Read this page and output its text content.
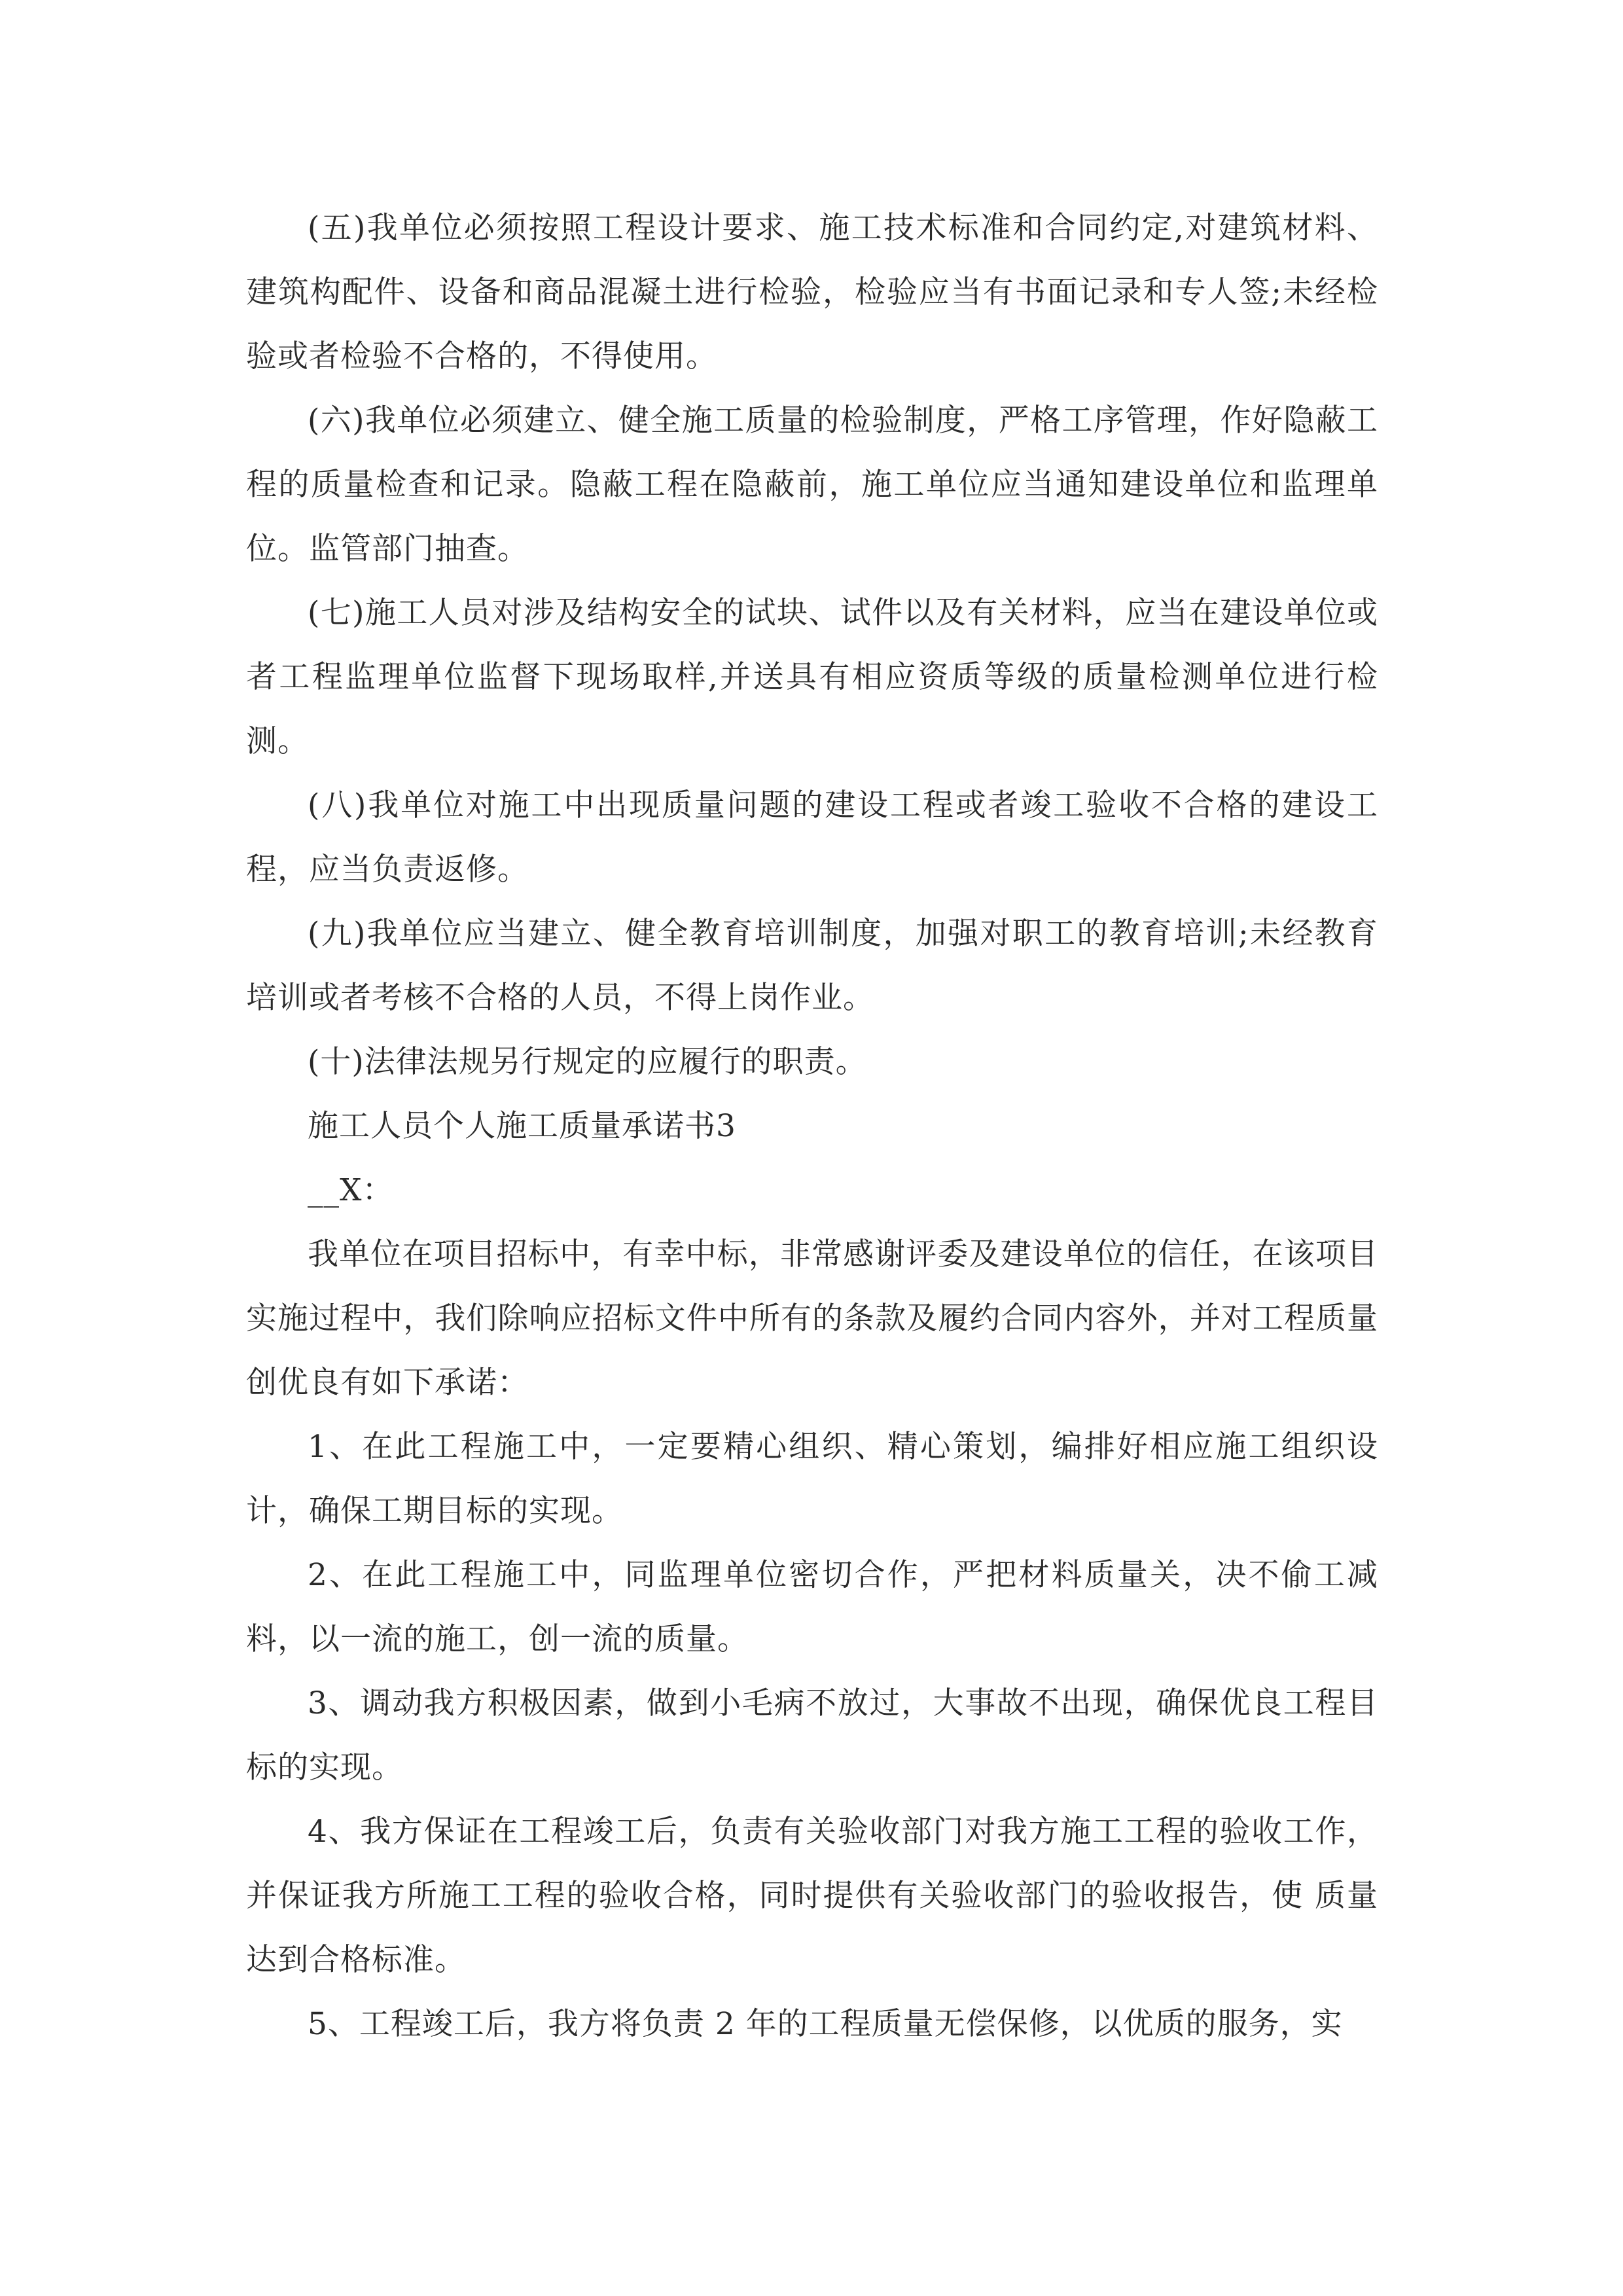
(五)我单位必须按照工程设计要求、施工技术标准和合同约定,对建筑材料、建筑构配件、设备和商品混凝土进行检验，检验应当有书面记录和专人签;未经检验或者检验不合格的，不得使用。

(六)我单位必须建立、健全施工质量的检验制度，严格工序管理，作好隐蔽工程的质量检查和记录。隐蔽工程在隐蔽前，施工单位应当通知建设单位和监理单位。监管部门抽查。

(七)施工人员对涉及结构安全的试块、试件以及有关材料，应当在建设单位或者工程监理单位监督下现场取样,并送具有相应资质等级的质量检测单位进行检测。

(八)我单位对施工中出现质量问题的建设工程或者竣工验收不合格的建设工程，应当负责返修。

(九)我单位应当建立、健全教育培训制度，加强对职工的教育培训;未经教育培训或者考核不合格的人员，不得上岗作业。

(十)法律法规另行规定的应履行的职责。

施工人员个人施工质量承诺书3

__X：

我单位在项目招标中，有幸中标，非常感谢评委及建设单位的信任，在该项目实施过程中，我们除响应招标文件中所有的条款及履约合同内容外，并对工程质量创优良有如下承诺：

1、在此工程施工中，一定要精心组织、精心策划，编排好相应施工组织设计，确保工期目标的实现。

2、在此工程施工中，同监理单位密切合作，严把材料质量关，决不偷工减料，以一流的施工，创一流的质量。

3、调动我方积极因素，做到小毛病不放过，大事故不出现，确保优良工程目标的实现。

4、我方保证在工程竣工后，负责有关验收部门对我方施工工程的验收工作，并保证我方所施工工程的验收合格，同时提供有关验收部门的验收报告，使 质量达到合格标准。

5、工程竣工后，我方将负责 2 年的工程质量无偿保修，以优质的服务，实
